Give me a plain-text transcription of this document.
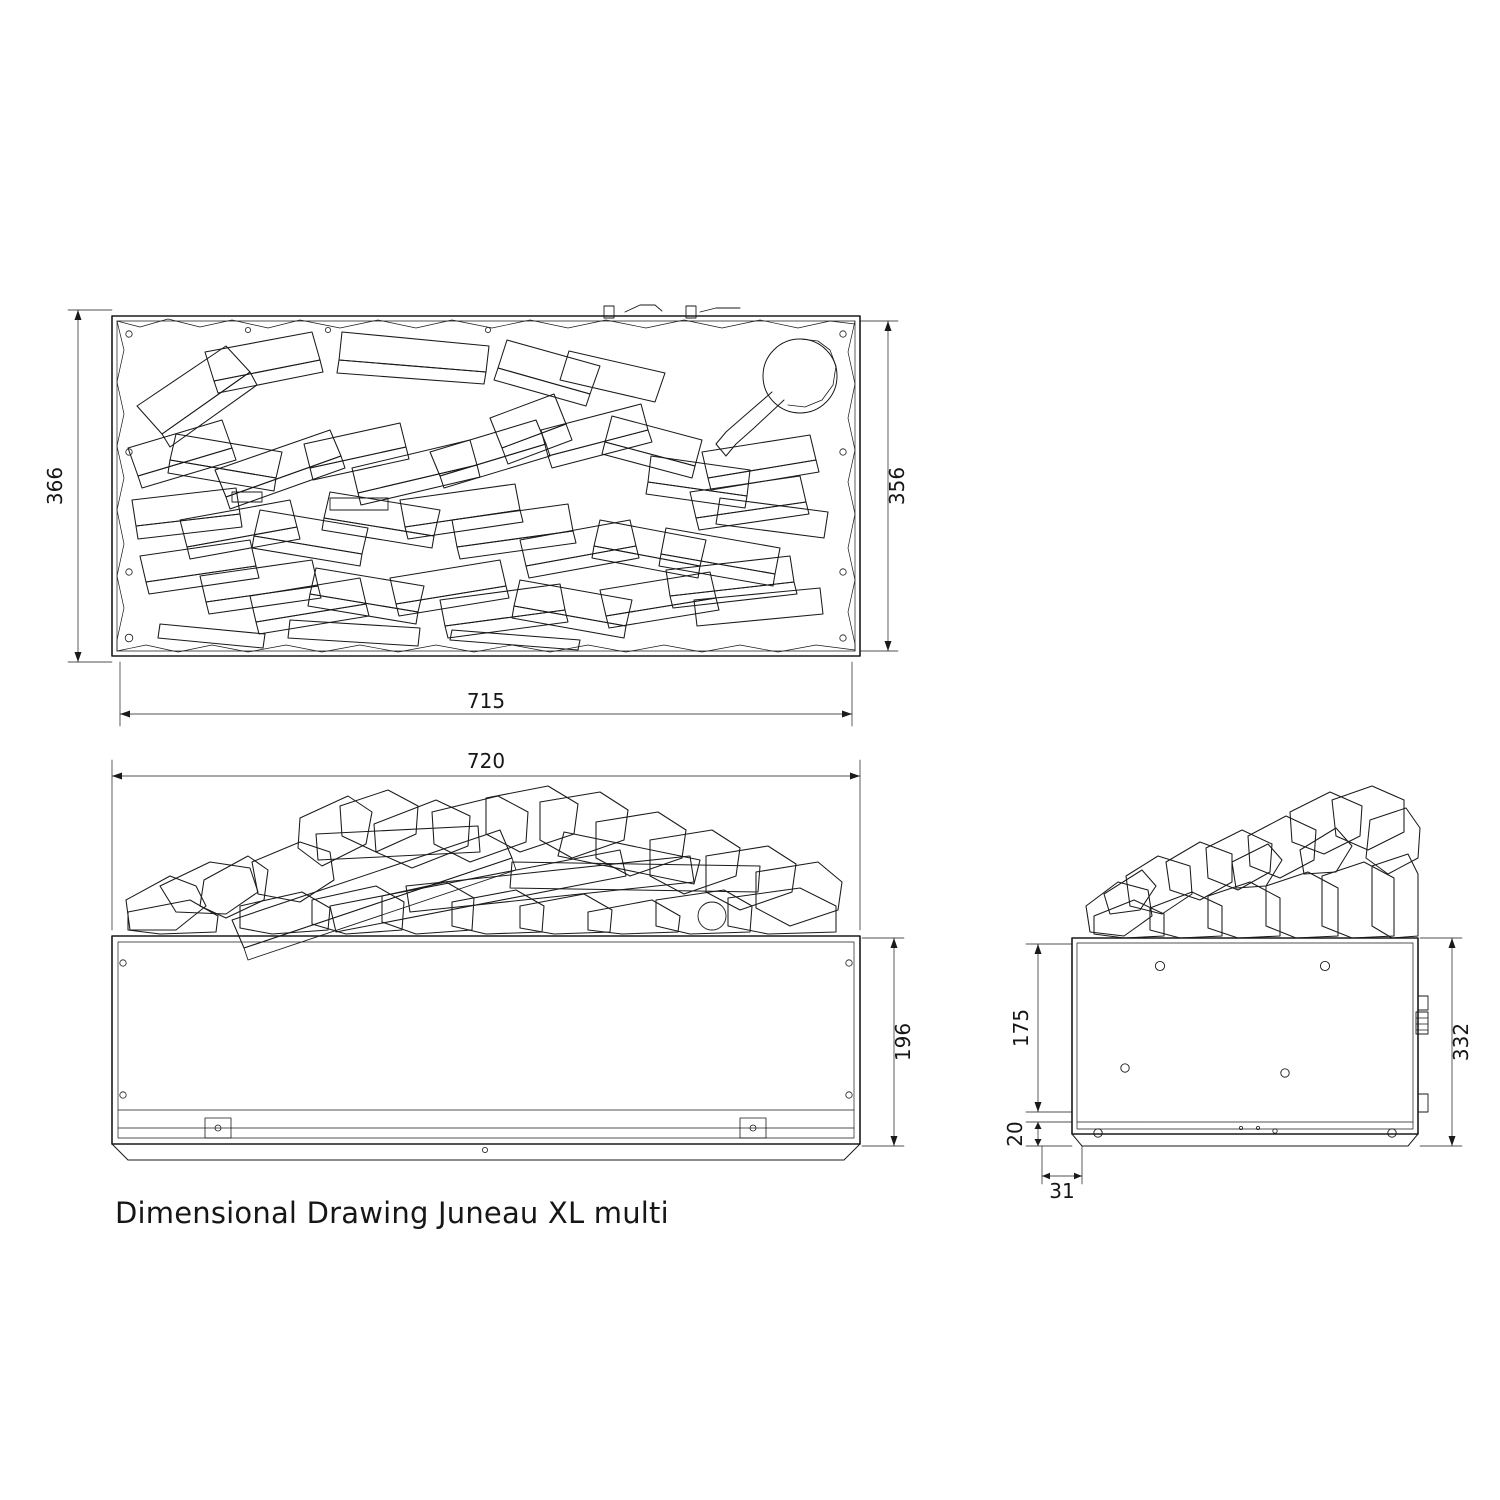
366	356
715
720
196	332
175
20
31
Dimensional Drawing Juneau XL multi
